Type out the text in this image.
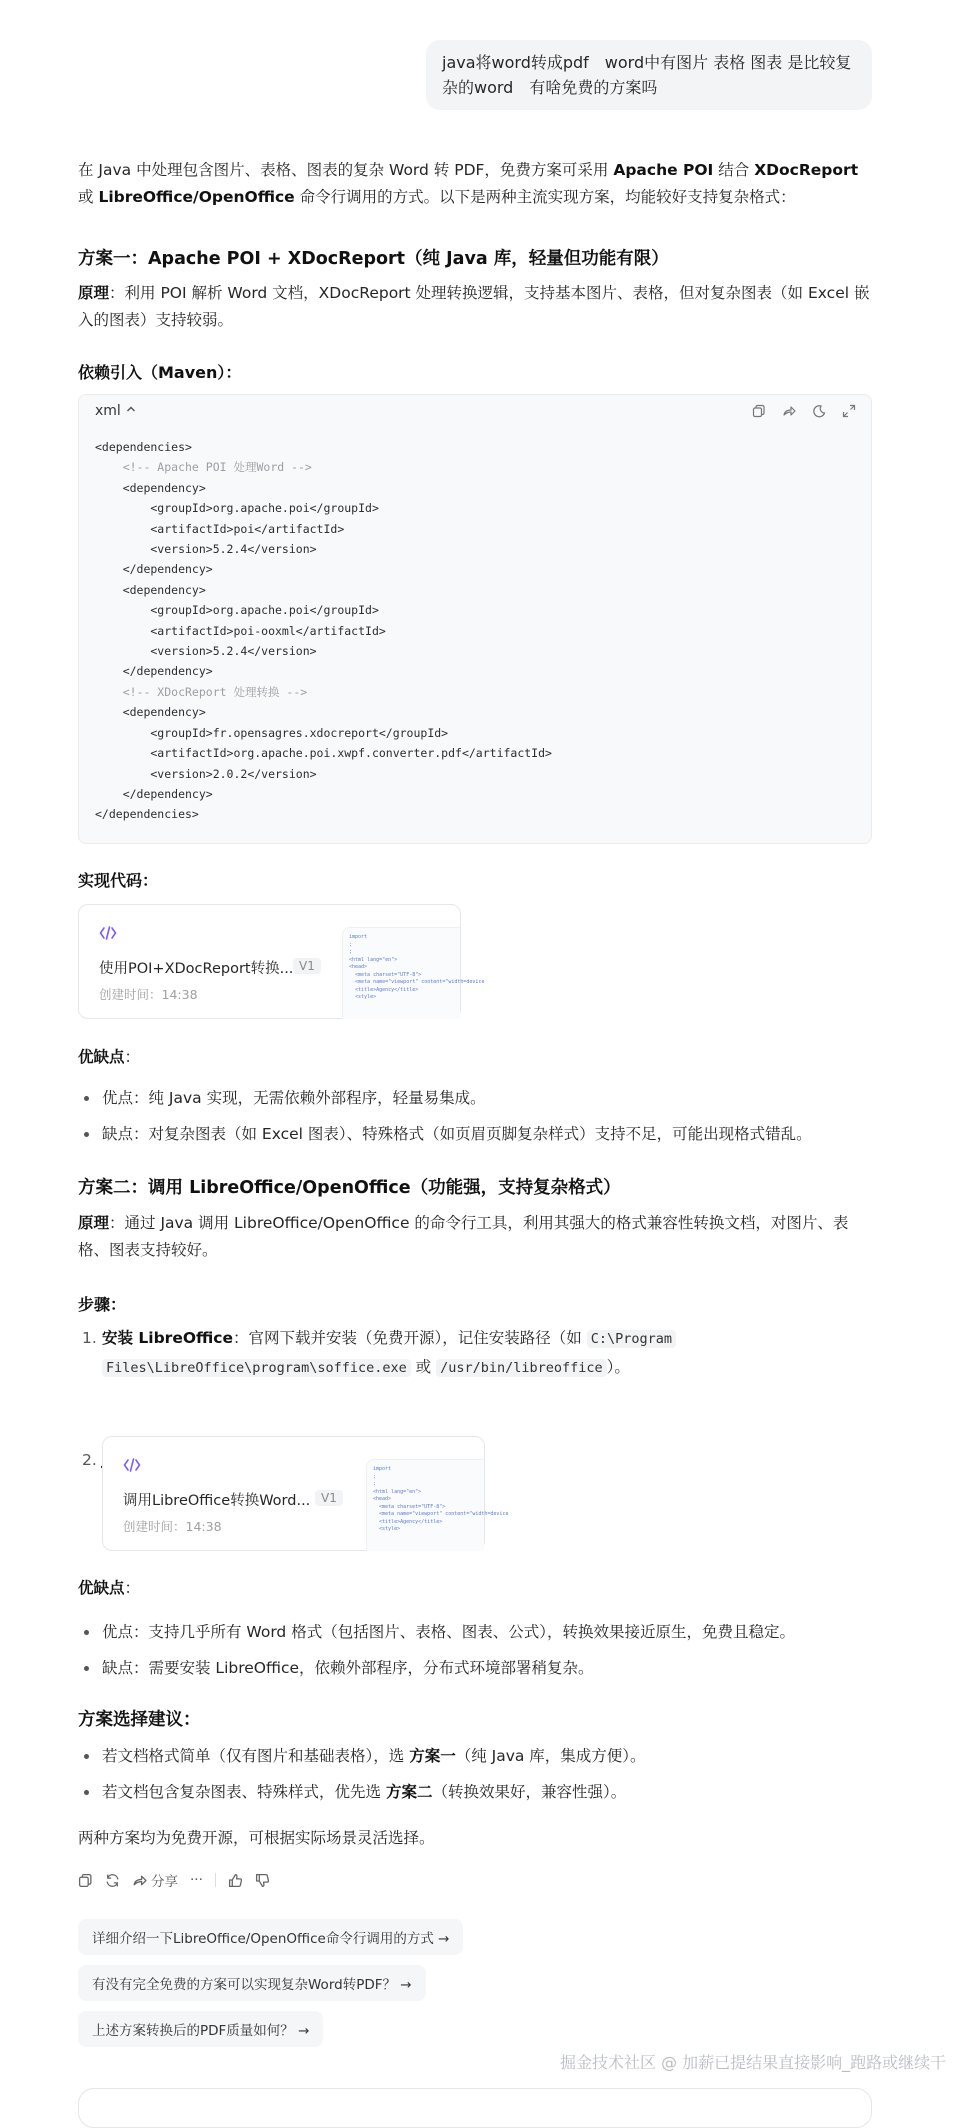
java将word转成pdf　word中有图片 表格 图表 是比较复杂的word　有啥免费的方案吗
在 Java 中处理包含图片、表格、图表的复杂 Word 转 PDF，免费方案可采用 Apache POI 结合 XDocReport 或 LibreOffice/OpenOffice 命令行调用的方式。以下是两种主流实现方案，均能较好支持复杂格式：
方案一：Apache POI + XDocReport（纯 Java 库，轻量但功能有限）
原理：利用 POI 解析 Word 文档，XDocReport 处理转换逻辑，支持基本图片、表格，但对复杂图表（如 Excel 嵌入的图表）支持较弱。
依赖引入（Maven）：
xml
<dependencies>
<!-- Apache POI 处理Word -->
<dependency>
<groupId>org.apache.poi</groupId>
<artifactId>poi</artifactId>
<version>5.2.4</version>
</dependency>
<dependency>
<groupId>org.apache.poi</groupId>
<artifactId>poi-ooxml</artifactId>
<version>5.2.4</version>
</dependency>
<!-- XDocReport 处理转换 -->
<dependency>
<groupId>fr.opensagres.xdocreport</groupId>
<artifactId>org.apache.poi.xwpf.converter.pdf</artifactId>
<version>2.0.2</version>
</dependency>
</dependencies>
实现代码：
使用POI+XDocReport转换... V1
创建时间：14:38
import
;
;
<html lang="en">
<head>
<meta charset="UTF-8">
<meta name="viewport" content="width=device
<title>Agency</title>
<style>
优缺点：
优点：纯 Java 实现，无需依赖外部程序，轻量易集成。
缺点：对复杂图表（如 Excel 图表）、特殊格式（如页眉页脚复杂样式）支持不足，可能出现格式错乱。
方案二：调用 LibreOffice/OpenOffice（功能强，支持复杂格式）
原理：通过 Java 调用 LibreOffice/OpenOffice 的命令行工具，利用其强大的格式兼容性转换文档，对图片、表格、图表支持较好。
步骤：
1. 安装 LibreOffice：官网下载并安装（免费开源），记住安装路径（如 C:\Program
Files\LibreOffice\program\soffice.exe 或 /usr/bin/libreoffice ）。
2.
调用LibreOffice转换Word... V1
创建时间：14:38
import
;
;
<html lang="en">
<head>
<meta charset="UTF-8">
<meta name="viewport" content="width=device
<title>Agency</title>
<style>
优缺点：
优点：支持几乎所有 Word 格式（包括图片、表格、图表、公式），转换效果接近原生，免费且稳定。
缺点：需要安装 LibreOffice，依赖外部程序，分布式环境部署稍复杂。
方案选择建议：
若文档格式简单（仅有图片和基础表格），选 方案一（纯 Java 库，集成方便）。
若文档包含复杂图表、特殊样式，优先选 方案二（转换效果好，兼容性强）。
两种方案均为免费开源，可根据实际场景灵活选择。
分享 ···
详细介绍一下LibreOffice/OpenOffice命令行调用的方式 →
有没有完全免费的方案可以实现复杂Word转PDF？ →
上述方案转换后的PDF质量如何？ →
掘金技术社区 @ 加薪已提结果直接影响_跑路或继续干
